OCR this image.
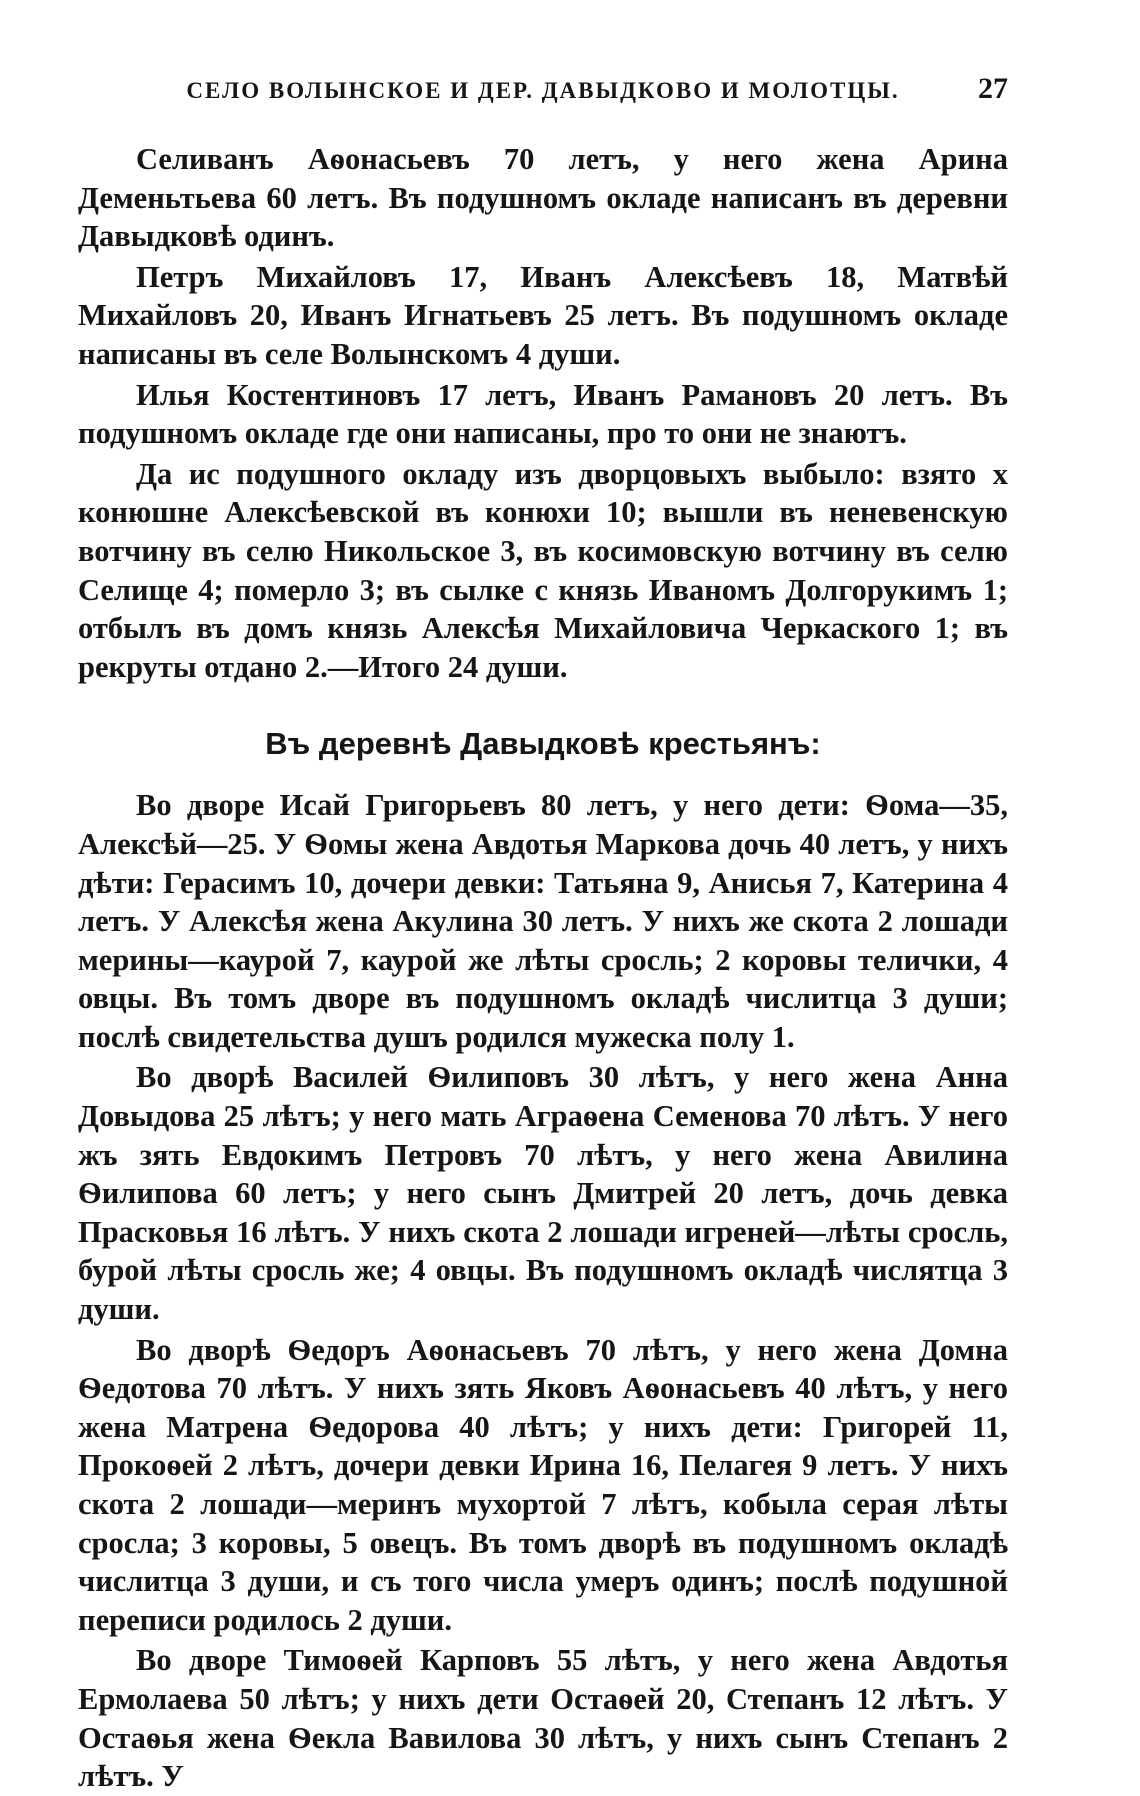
СЕЛО ВОЛЫНСКОЕ И ДЕР. ДАВЫДКОВО И МОЛОТЦЫ.	27

Селиванъ Аѳонасьевъ 70 летъ, у него жена Арина Деменьтьева 60 летъ. Въ подушномъ окладе написанъ въ деревни Давыдковѣ одинъ.

Петръ Михайловъ 17, Иванъ Алексѣевъ 18, Матвѣй Михайловъ 20, Иванъ Игнатьевъ 25 летъ. Въ подушномъ окладе написаны въ селе Волынскомъ 4 души.

Илья Костентиновъ 17 летъ, Иванъ Рамановъ 20 летъ. Въ подушномъ окладе где они написаны, про то они не знаютъ.

Да ис подушного окладу изъ дворцовыхъ выбыло: взято х конюшне Алексѣевской въ конюхи 10; вышли въ неневенскую вотчину въ селю Никольское 3, въ косимовскую вотчину въ селю Селище 4; померло 3; въ сылке с князь Иваномъ Долгорукимъ 1; отбылъ въ домъ князь Алексѣя Михайловича Черкаского 1; въ рекруты отдано 2.—Итого 24 души.

Въ деревнѣ Давыдковѣ крестьянъ:

Во дворе Исай Григорьевъ 80 летъ, у него дети: Ѳома—35, Алексѣй—25. У Ѳомы жена Авдотья Маркова дочь 40 летъ, у нихъ дѣти: Герасимъ 10, дочери девки: Татьяна 9, Анисья 7, Катерина 4 летъ. У Алексѣя жена Акулина 30 летъ. У нихъ же скота 2 лошади мерины—каурой 7, каурой же лѣты сросль; 2 коровы телички, 4 овцы. Въ томъ дворе въ подушномъ окладѣ числитца 3 души; послѣ свидетельства душъ родился мужеска полу 1.

Во дворѣ Василей Ѳилиповъ 30 лѣтъ, у него жена Анна Довыдова 25 лѣтъ; у него мать Аграѳена Семенова 70 лѣтъ. У него жъ зять Евдокимъ Петровъ 70 лѣтъ, у него жена Авилина Ѳилипова 60 летъ; у него сынъ Дмитрей 20 летъ, дочь девка Прасковья 16 лѣтъ. У нихъ скота 2 лошади игреней—лѣты сросль, бурой лѣты сросль же; 4 овцы. Въ подушномъ окладѣ числятца 3 души.

Во дворѣ Ѳедоръ Аѳонасьевъ 70 лѣтъ, у него жена Домна Ѳедотова 70 лѣтъ. У нихъ зять Яковъ Аѳонасьевъ 40 лѣтъ, у него жена Матрена Ѳедорова 40 лѣтъ; у нихъ дети: Григорей 11, Прокоѳей 2 лѣтъ, дочери девки Ирина 16, Пелагея 9 летъ. У нихъ скота 2 лошади—меринъ мухортой 7 лѣтъ, кобыла серая лѣты сросла; 3 коровы, 5 овецъ. Въ томъ дворѣ въ подушномъ окладѣ числитца 3 души, и съ того числа умеръ одинъ; послѣ подушной переписи родилось 2 души.

Во дворе Тимоѳей Карповъ 55 лѣтъ, у него жена Авдотья Ермолаева 50 лѣтъ; у нихъ дети Остаѳей 20, Степанъ 12 лѣтъ. У Остаѳья жена Ѳекла Вавилова 30 лѣтъ, у нихъ сынъ Степанъ 2 лѣтъ. У
